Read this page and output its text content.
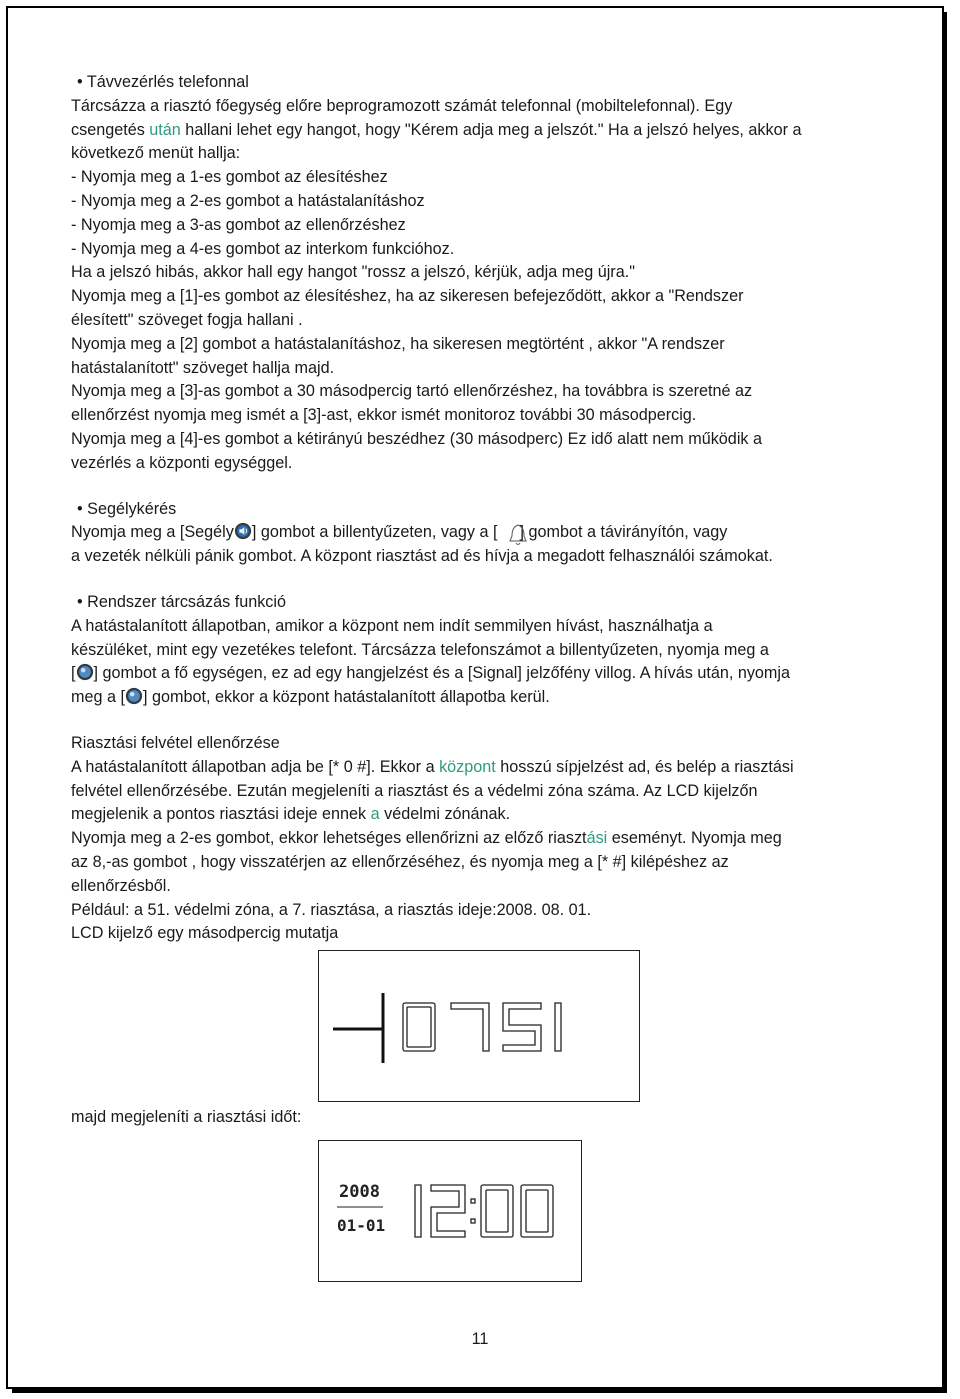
• Távvezérlés telefonnal

Tárcsázza a riasztó főegység előre beprogramozott számát telefonnal (mobiltelefonnal). Egy

csengetés után hallani lehet egy hangot, hogy "Kérem adja meg a jelszót." Ha a jelszó helyes, akkor a

következő menüt hallja:

- Nyomja meg a 1-es gombot az élesítéshez

- Nyomja meg a 2-es gombot a hatástalanításhoz

- Nyomja meg a 3-as gombot az ellenőrzéshez

- Nyomja meg a 4-es gombot az interkom funkcióhoz.

Ha a jelszó hibás, akkor hall egy hangot "rossz a jelszó, kérjük, adja meg újra."

Nyomja meg a [1]-es gombot az élesítéshez, ha az sikeresen befejeződött, akkor a "Rendszer

élesített" szöveget fogja hallani .

Nyomja meg a [2] gombot a hatástalanításhoz, ha sikeresen megtörtént , akkor "A rendszer

hatástalanított" szöveget hallja majd.

Nyomja meg a [3]-as gombot a 30 másodpercig tartó ellenőrzéshez, ha továbbra is szeretné az

ellenőrzést nyomja meg ismét a [3]-ast, ekkor ismét monitoroz további 30 másodpercig.

Nyomja meg a [4]-es gombot a kétirányú beszédhez (30 másodperc) Ez idő alatt nem működik a

vezérlés a központi egységgel.

• Segélykérés

Nyomja meg a [Segély ] gombot a billentyűzeten, vagy a [ ] gombot a távirányítón, vagy

a vezeték nélküli pánik gombot. A központ riasztást ad és hívja a megadott felhasználói számokat.

• Rendszer tárcsázás funkció

A hatástalanított állapotban, amikor a központ nem indít semmilyen hívást, használhatja a

készüléket, mint egy vezetékes telefont. Tárcsázza telefonszámot a billentyűzeten, nyomja meg a

[ ] gombot a fő egységen, ez ad egy hangjelzést és a [Signal] jelzőfény villog. A hívás után, nyomja

meg a [ ] gombot, ekkor a központ hatástalanított állapotba kerül.

Riasztási felvétel ellenőrzése

A hatástalanított állapotban adja be [* 0 #]. Ekkor a központ hosszú sípjelzést ad, és belép a riasztási

felvétel ellenőrzésébe. Ezután megjeleníti a riasztást és a védelmi zóna száma. Az LCD kijelzőn

megjelenik a pontos riasztási ideje ennek a védelmi zónának.

Nyomja meg a 2-es gombot, ekkor lehetséges ellenőrizni az előző riasztási eseményt. Nyomja meg

az 8,-as gombot , hogy visszatérjen az ellenőrzéséhez, és nyomja meg a [* #] kilépéshez az

ellenőrzésből.

Például: a 51. védelmi zóna, a 7. riasztása, a riasztás ideje:2008. 08. 01.

LCD kijelző egy másodpercig mutatja

0751
majd megjeleníti a riasztási időt:
2008
01-01
12:00
11
